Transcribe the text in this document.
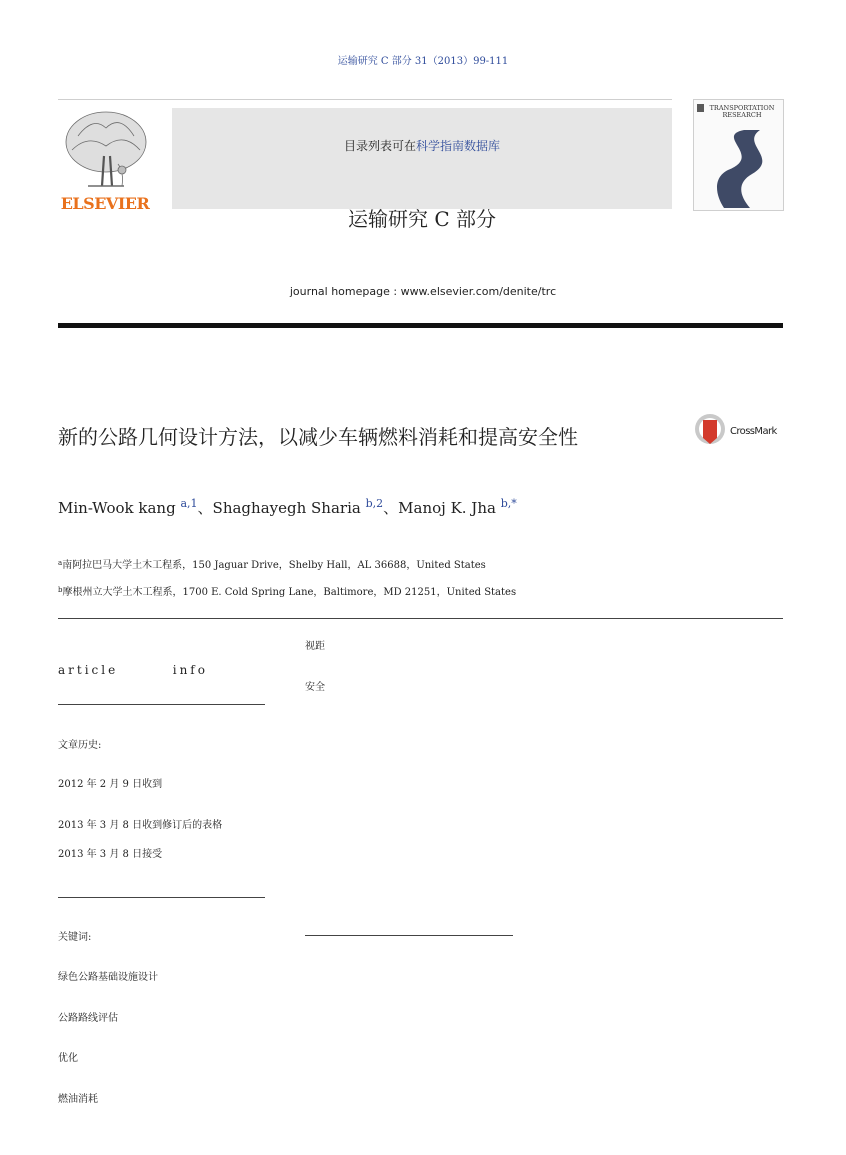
运输研究 C 部分 31（2013）99-111
ELSEVIER
目录列表可在科学指南数据库
运输研究 C 部分
TRANSPORTATION
RESEARCH
journal homepage : www.elsevier.com/denite/trc
新的公路几何设计方法，以减少车辆燃料消耗和提高安全性	CrossMark
Min-Wook kang $^{a,1}$、Shaghayegh Sharia $^{b,2}$、Manoj K. Jha $^{b,*}$
$^a$南阿拉巴马大学土木工程系，150 Jaguar Drive，Shelby Hall，AL 36688，United States
$^b$摩根州立大学土木工程系，1700 E. Cold Spring Lane，Baltimore，MD 21251，United States
视距
安全
article        info
文章历史:
2012 年 2 月 9 日收到
2013 年 3 月 8 日收到修订后的表格
2013 年 3 月 8 日接受
关键词:
绿色公路基础设施设计
公路路线评估
优化
燃油消耗
